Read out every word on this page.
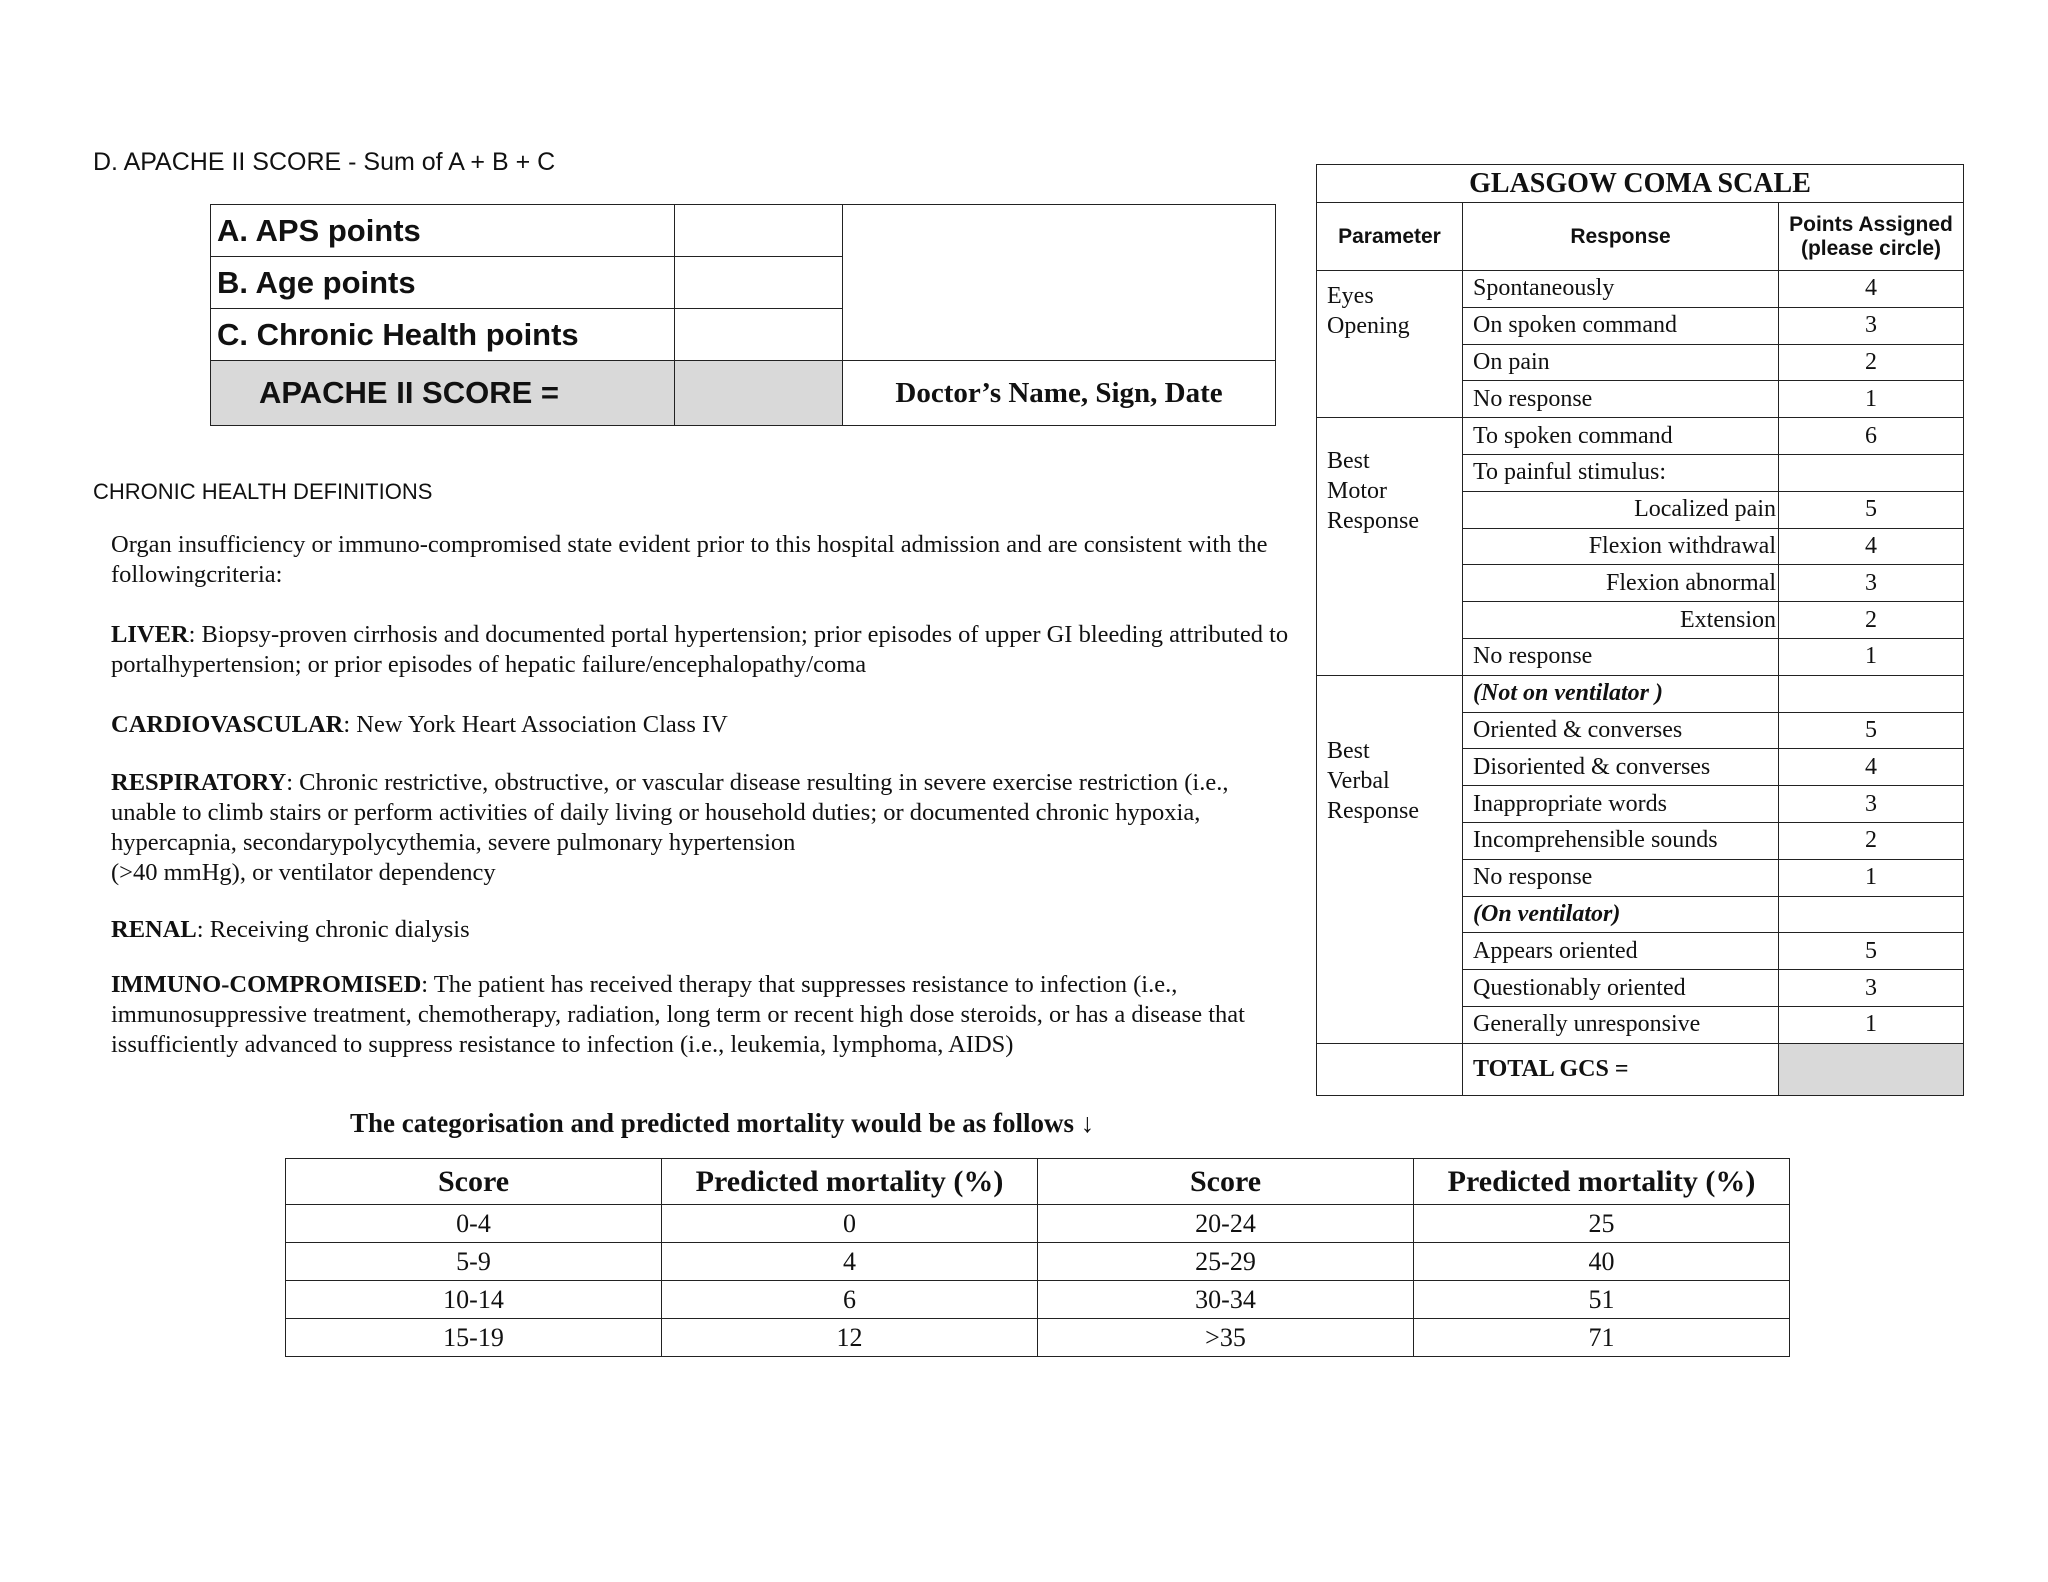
D. APACHE II SCORE - Sum of A + B + C
A. APS points		
B. Age points		
C. Chronic Health points		
APACHE II SCORE =		Doctor’s Name, Sign, Date
CHRONIC HEALTH DEFINITIONS
Organ insufficiency or immuno-compromised state evident prior to this hospital admission and are consistent with the followingcriteria:
LIVER: Biopsy-proven cirrhosis and documented portal hypertension; prior episodes of upper GI bleeding attributed to portalhypertension; or prior episodes of hepatic failure/encephalopathy/coma
CARDIOVASCULAR: New York Heart Association Class IV
RESPIRATORY: Chronic restrictive, obstructive, or vascular disease resulting in severe exercise restriction (i.e., unable to climb stairs or perform activities of daily living or household duties; or documented chronic hypoxia, hypercapnia, secondarypolycythemia, severe pulmonary hypertension
(>40 mmHg), or ventilator dependency
RENAL: Receiving chronic dialysis
IMMUNO-COMPROMISED: The patient has received therapy that suppresses resistance to infection (i.e., immunosuppressive treatment, chemotherapy, radiation, long term or recent high dose steroids, or has a disease that issufficiently advanced to suppress resistance to infection (i.e., leukemia, lymphoma, AIDS)
GLASGOW COMA SCALE		
Parameter	Response	Points Assigned
(please circle)
Eyes
Opening	Spontaneously	4
	On spoken command	3
	On pain	2
	No response	1
Best
Motor
Response	To spoken command	6
	To painful stimulus:	
	Localized pain	5
	Flexion withdrawal	4
	Flexion abnormal	3
	Extension	2
	No response	1
Best
Verbal
Response	(Not on ventilator )	
	Oriented & converses	5
	Disoriented & converses	4
	Inappropriate words	3
	Incomprehensible sounds	2
	No response	1
	(On ventilator)	
	Appears oriented	5
	Questionably oriented	3
	Generally unresponsive	1
	TOTAL GCS =	
The categorisation and predicted mortality would be as follows ↓
Score	Predicted mortality (%)	Score	Predicted mortality (%)
0-4	0	20-24	25
5-9	4	25-29	40
10-14	6	30-34	51
15-19	12	>35	71
